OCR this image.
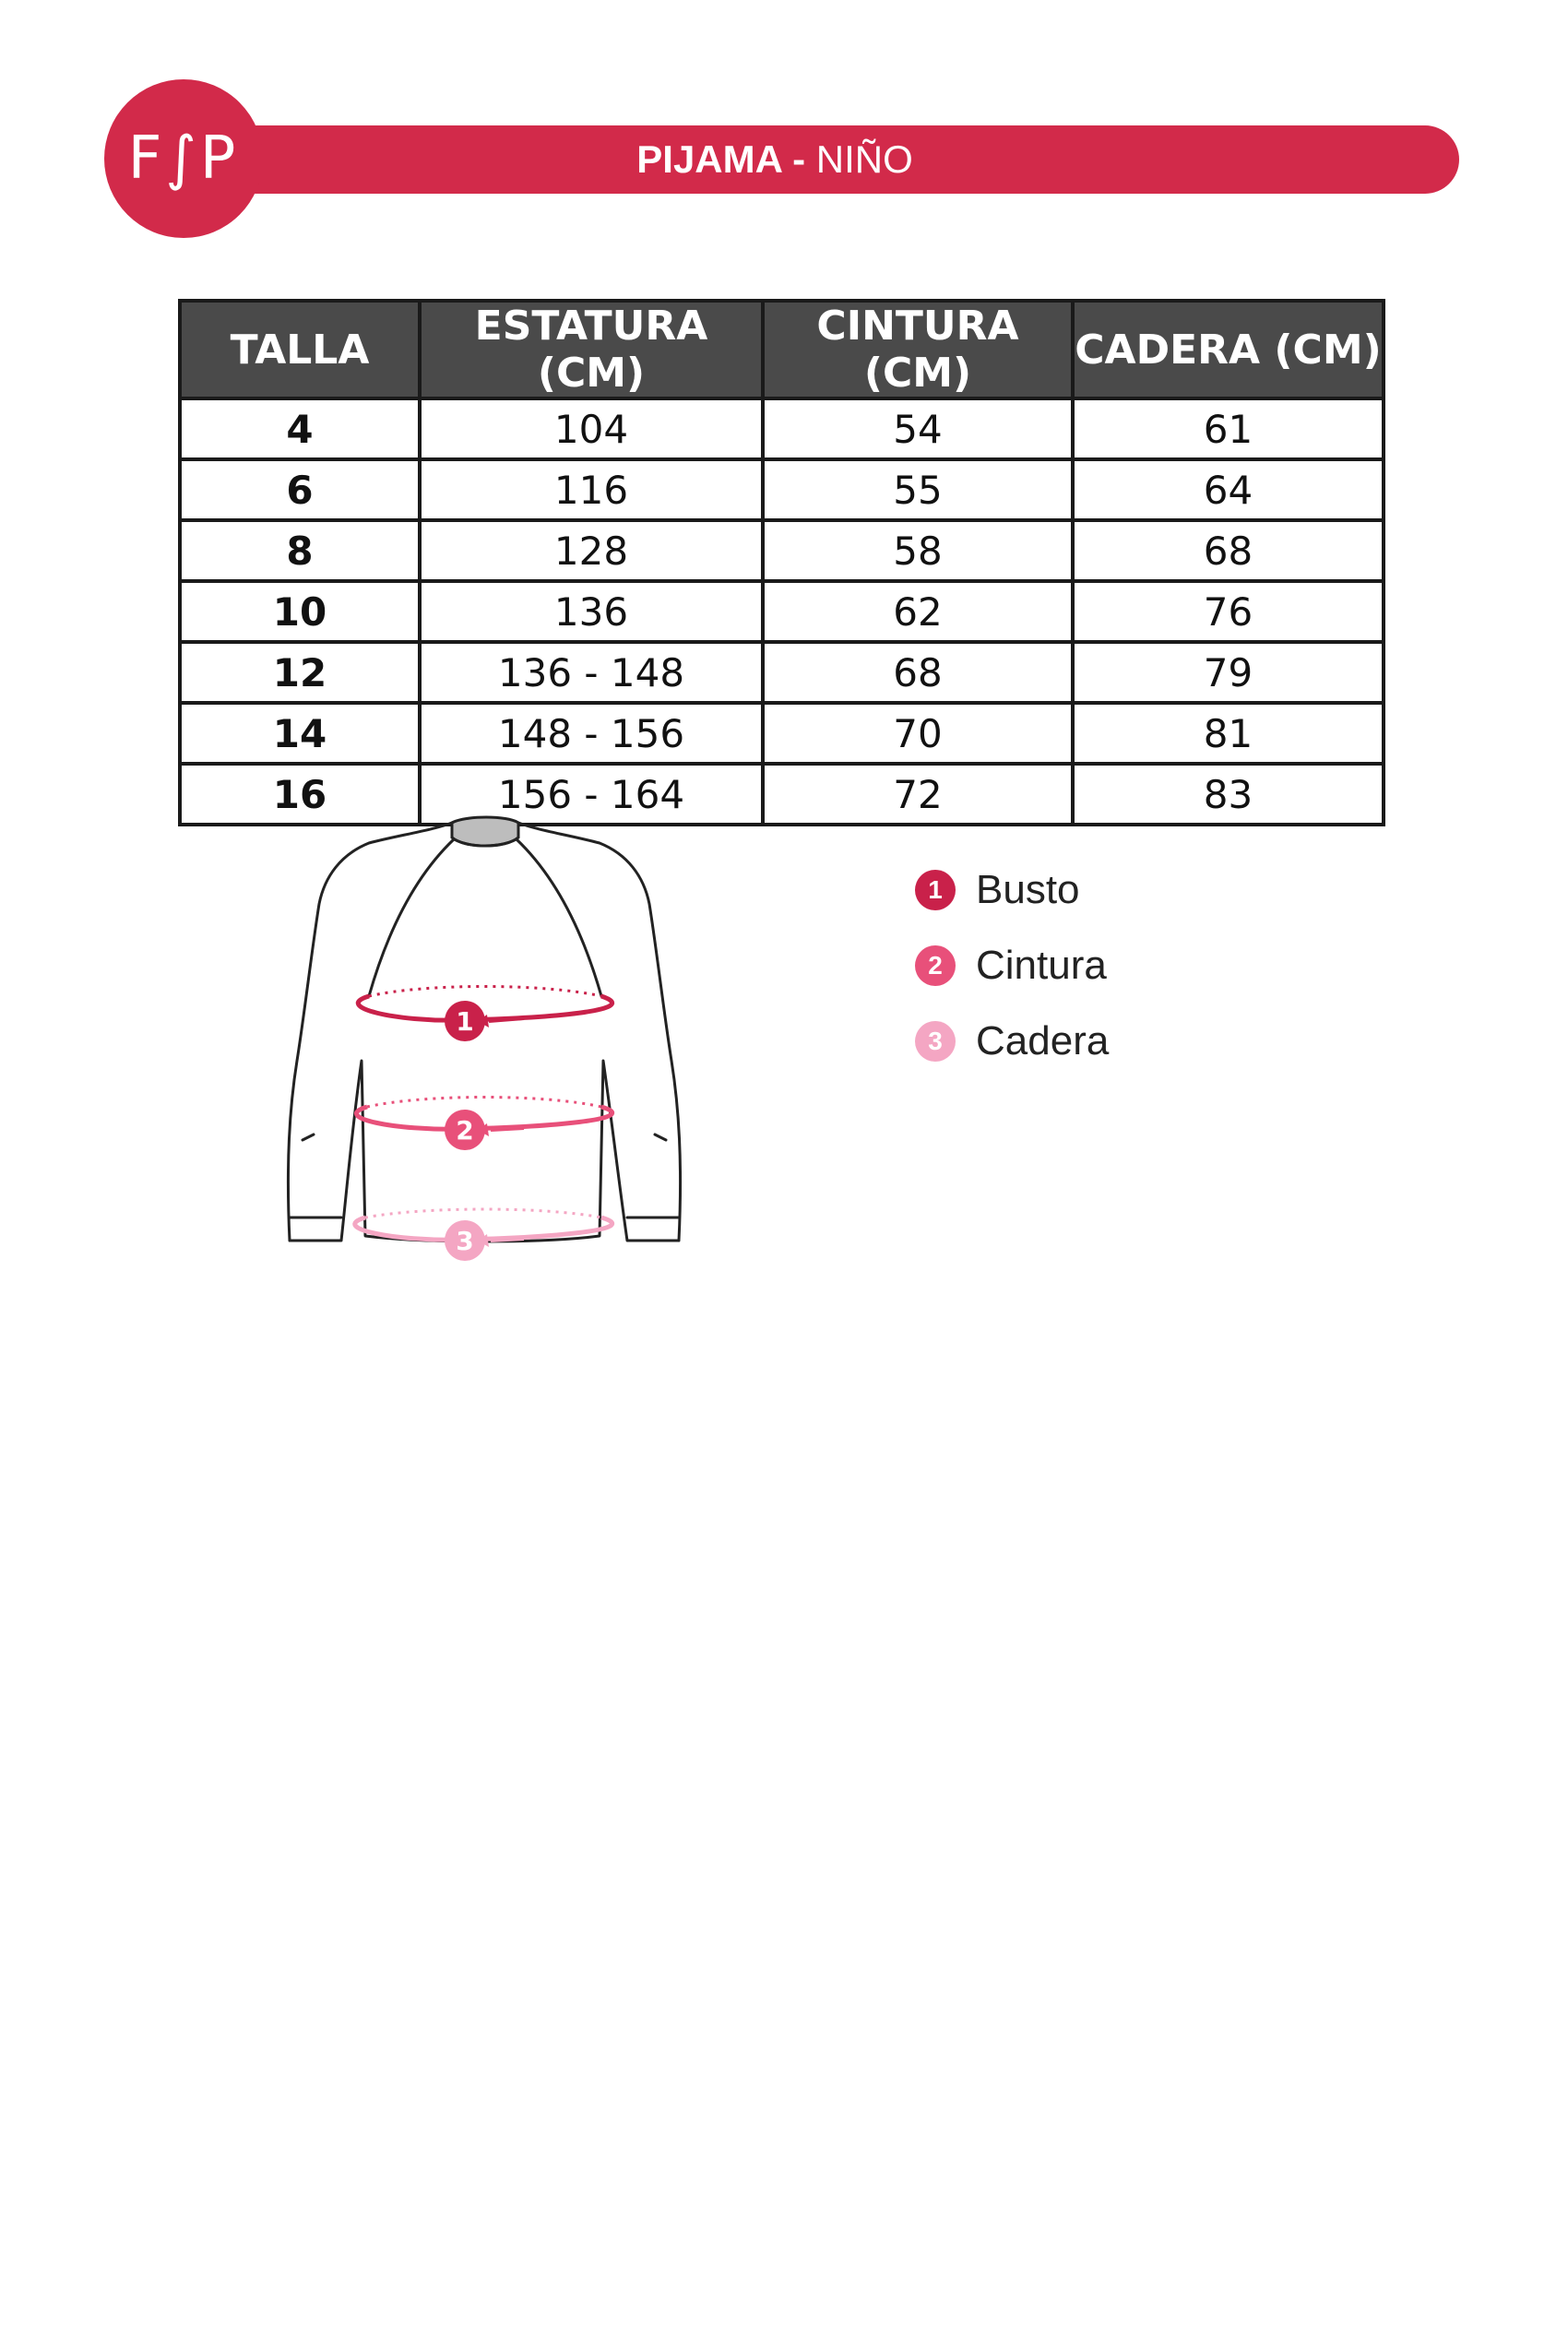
PIJAMA - NIÑO
F∫P
TALLA	ESTATURA (CM)	CINTURA (CM)	CADERA (CM)
4	104	54	61
6	116	55	64
8	128	58	68
10	136	62	76
12	136 - 148	68	79
14	148 - 156	70	81
16	156 - 164	72	83
1
2
3
1 Busto
2 Cintura
3 Cadera
